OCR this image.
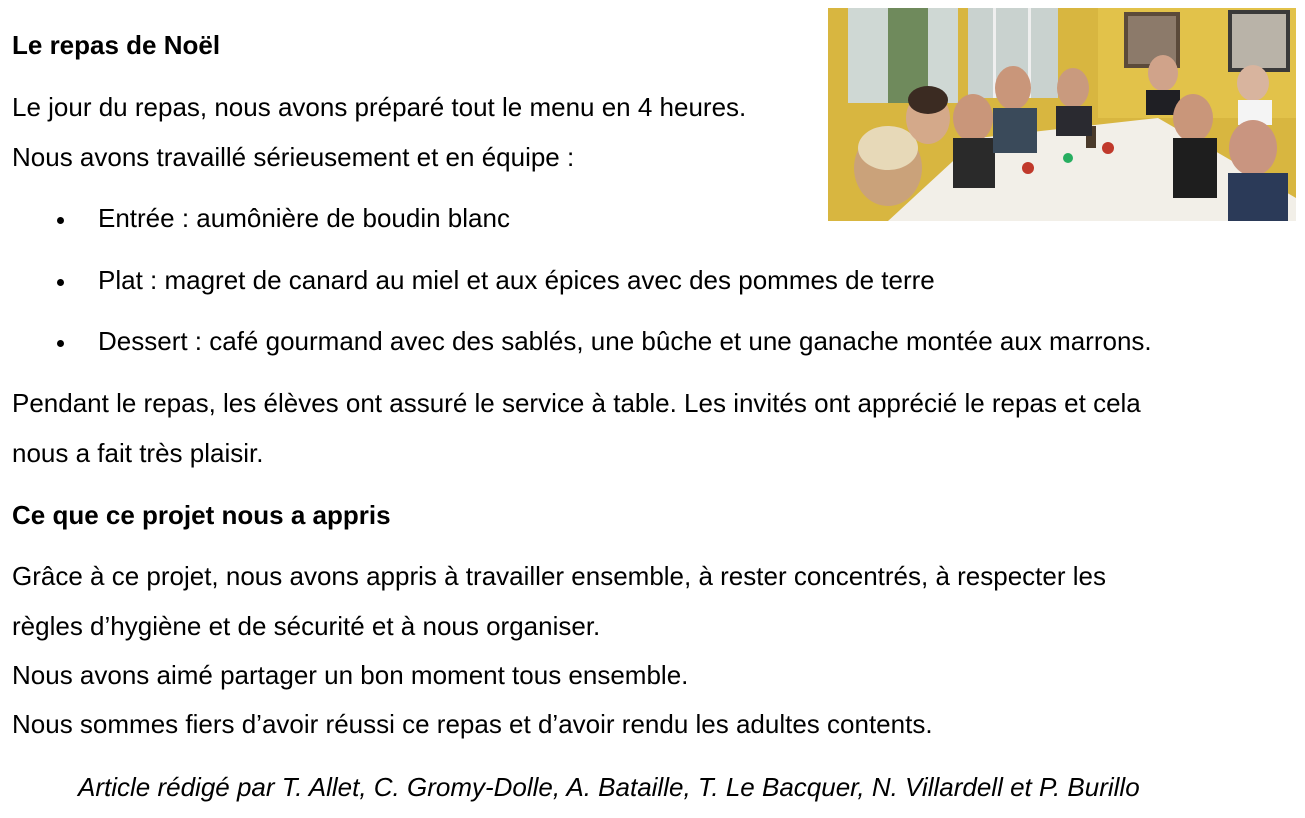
Le repas de Noël

Le jour du repas, nous avons préparé tout le menu en 4 heures.

Nous avons travaillé sérieusement et en équipe :

Entrée : aumônière de boudin blanc

Plat : magret de canard au miel et aux épices avec des pommes de terre

Dessert : café gourmand avec des sablés, une bûche et une ganache montée aux marrons.

Pendant le repas, les élèves ont assuré le service à table. Les invités ont apprécié le repas et cela

nous a fait très plaisir.

Ce que ce projet nous a appris

Grâce à ce projet, nous avons appris à travailler ensemble, à rester concentrés, à respecter les

règles d’hygiène et de sécurité et à nous organiser.

Nous avons aimé partager un bon moment tous ensemble.

Nous sommes fiers d’avoir réussi ce repas et d’avoir rendu les adultes contents.

Article rédigé par T. Allet, C. Gromy-Dolle, A. Bataille, T. Le Bacquer, N. Villardell et P. Burillo
